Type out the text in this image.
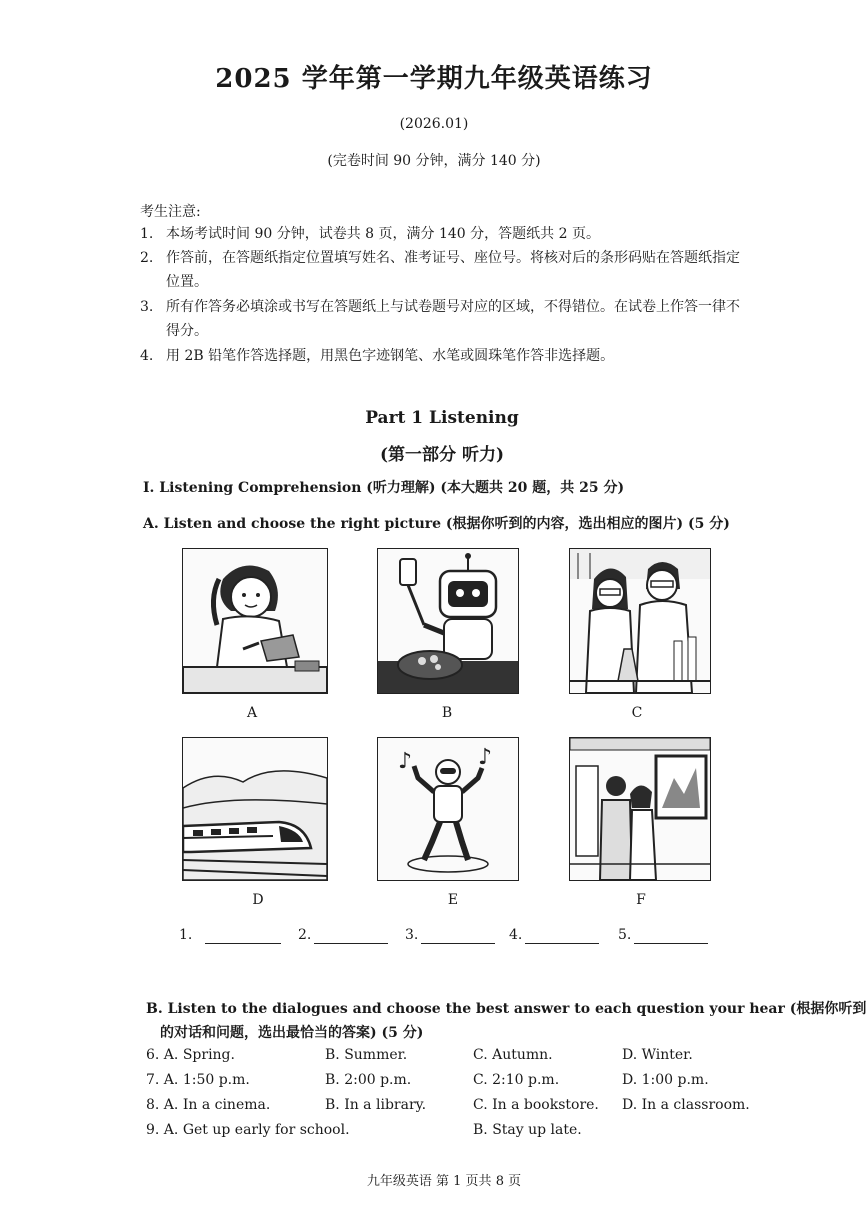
2025 学年第一学期九年级英语练习
(2026.01)
(完卷时间 90 分钟，满分 140 分)
考生注意:
1. 本场考试时间 90 分钟，试卷共 8 页，满分 140 分，答题纸共 2 页。
2. 作答前，在答题纸指定位置填写姓名、准考证号、座位号。将核对后的条形码贴在答题纸指定位置。
3. 所有作答务必填涂或书写在答题纸上与试卷题号对应的区域，不得错位。在试卷上作答一律不得分。
4. 用 2B 铅笔作答选择题，用黑色字迹钢笔、水笔或圆珠笔作答非选择题。
Part 1 Listening
(第一部分 听力)
I. Listening Comprehension (听力理解) (本大题共 20 题，共 25 分)
A. Listen and choose the right picture (根据你听到的内容，选出相应的图片) (5 分)
A	B	C
D
♪	♪
E	F
1.	2.	3.	4.	5.
B. Listen to the dialogues and choose the best answer to each question your hear (根据你听到
的对话和问题，选出最恰当的答案) (5 分)
6. A. Spring.	B. Summer.	C. Autumn.	D. Winter.
7. A. 1:50 p.m.	B. 2:00 p.m.	C. 2:10 p.m.	D. 1:00 p.m.
8. A. In a cinema.	B. In a library.	C. In a bookstore. D. In a classroom.
9. A. Get up early for school.	B. Stay up late.
九年级英语 第 1 页共 8 页
